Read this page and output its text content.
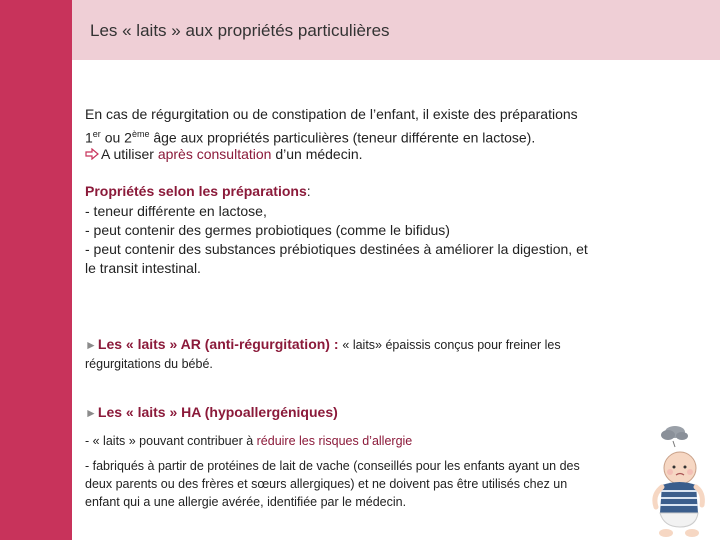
Les « laits » aux propriétés particulières
En cas de régurgitation ou de constipation de l’enfant, il existe des préparations
1er ou 2ème âge aux propriétés particulières (teneur différente en lactose).
A utiliser après consultation d’un médecin.
Propriétés selon les préparations:
- teneur différente en lactose,
- peut contenir des germes probiotiques (comme le bifidus)
- peut contenir des substances prébiotiques destinées à améliorer la digestion, et
le transit intestinal.
►Les « laits » AR (anti-régurgitation) : « laits» épaissis conçus pour freiner les
régurgitations du bébé.
►Les « laits » HA (hypoallergéniques)
- « laits » pouvant contribuer à réduire les risques d’allergie
- fabriqués à partir de protéines de lait de vache (conseillés pour les enfants ayant un des
deux parents ou des frères et sœurs allergiques) et ne doivent pas être utilisés chez un
enfant qui a une allergie avérée, identifiée par le médecin.
